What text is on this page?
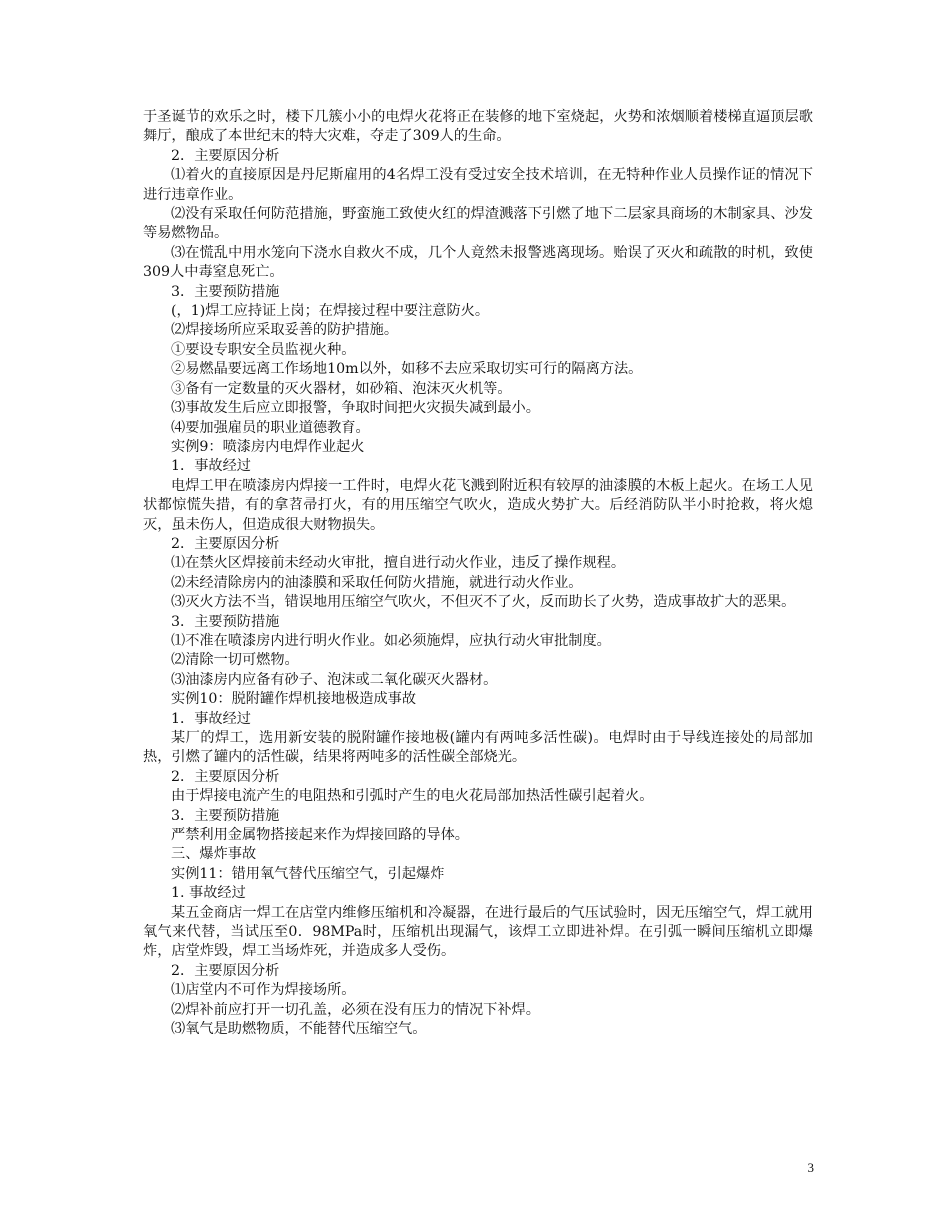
于圣诞节的欢乐之时，楼下几簇小小的电焊火花将正在装修的地下室烧起，火势和浓烟顺着楼梯直逼顶层歌舞厅，酿成了本世纪末的特大灾难，夺走了309人的生命。

2．主要原因分析

⑴着火的直接原因是丹尼斯雇用的4名焊工没有受过安全技术培训，在无特种作业人员操作证的情况下进行违章作业。

⑵没有采取任何防范措施，野蛮施工致使火红的焊渣溅落下引燃了地下二层家具商场的木制家具、沙发等易燃物品。

⑶在慌乱中用水笼向下浇水自救火不成，几个人竟然未报警逃离现场。贻误了灭火和疏散的时机，致使309人中毒窒息死亡。

3．主要预防措施

(，1)焊工应持证上岗；在焊接过程中要注意防火。

⑵焊接场所应采取妥善的防护措施。

①要设专职安全员监视火种。

②易燃晶要远离工作场地10m以外，如移不去应采取切实可行的隔离方法。

③备有一定数量的灭火器材，如砂箱、泡沫灭火机等。

⑶事故发生后应立即报警，争取时间把火灾损失减到最小。

⑷要加强雇员的职业道德教育。

实例9：喷漆房内电焊作业起火

1．事故经过

电焊工甲在喷漆房内焊接一工件时，电焊火花飞溅到附近积有较厚的油漆膜的木板上起火。在场工人见状都惊慌失措，有的拿苕帚打火，有的用压缩空气吹火，造成火势扩大。后经消防队半小时抢救，将火熄灭，虽未伤人，但造成很大财物损失。

2．主要原因分析

⑴在禁火区焊接前未经动火审批，擅自进行动火作业，违反了操作规程。

⑵未经清除房内的油漆膜和采取任何防火措施，就进行动火作业。

⑶灭火方法不当，错误地用压缩空气吹火，不但灭不了火，反而助长了火势，造成事故扩大的恶果。

3．主要预防措施

⑴不准在喷漆房内进行明火作业。如必须施焊，应执行动火审批制度。

⑵清除一切可燃物。

⑶油漆房内应备有砂子、泡沫或二氧化碳灭火器材。

实例10：脱附罐作焊机接地极造成事故

1．事故经过

某厂的焊工，选用新安装的脱附罐作接地极(罐内有两吨多活性碳)。电焊时由于导线连接处的局部加热，引燃了罐内的活性碳，结果将两吨多的活性碳全部烧光。

2．主要原因分析

由于焊接电流产生的电阻热和引弧时产生的电火花局部加热活性碳引起着火。

3．主要预防措施

严禁利用金属物搭接起来作为焊接回路的导体。

三、爆炸事故

实例11：错用氧气替代压缩空气，引起爆炸

1. 事故经过

某五金商店一焊工在店堂内维修压缩机和冷凝器，在进行最后的气压试验时，因无压缩空气，焊工就用氧气来代替，当试压至0．98MPa时，压缩机出现漏气，该焊工立即进补焊。在引弧一瞬间压缩机立即爆炸，店堂炸毁，焊工当场炸死，并造成多人受伤。

2．主要原因分析

⑴店堂内不可作为焊接场所。

⑵焊补前应打开一切孔盖，必须在没有压力的情况下补焊。

⑶氧气是助燃物质，不能替代压缩空气。

3
